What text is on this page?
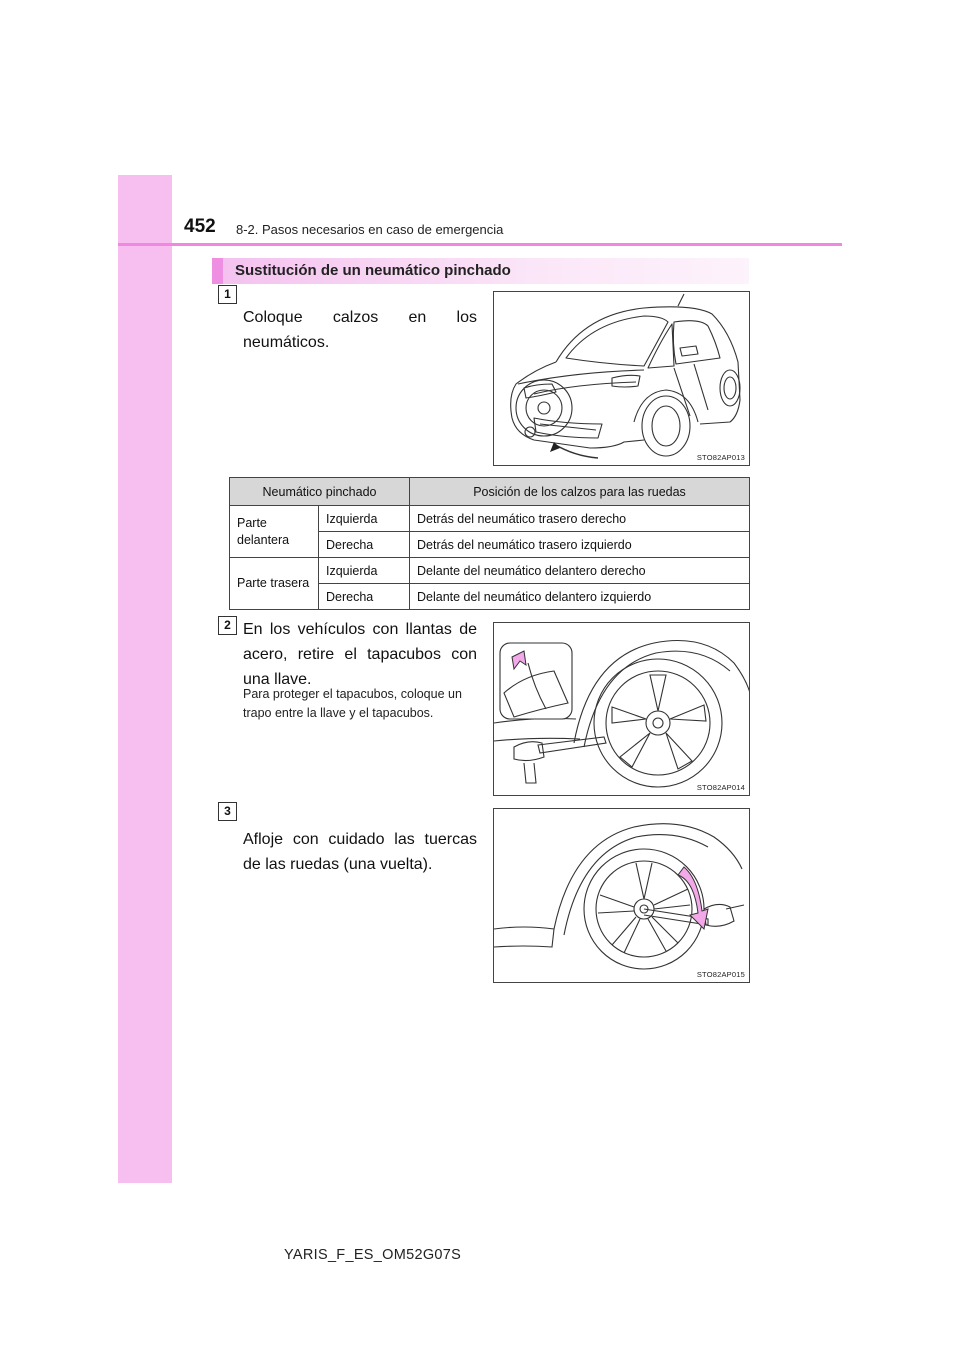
452 8-2. Pasos necesarios en caso de emergencia
Sustitución de un neumático pinchado
1
Coloque calzos en los neumáticos.
STO82AP013
Neumático pinchado		Posición de los calzos para las ruedas
Parte delantera	Izquierda	Detrás del neumático trasero derecho
	Derecha	Detrás del neumático trasero izquierdo
Parte trasera	Izquierda	Delante del neumático delantero derecho
	Derecha	Delante del neumático delantero izquierdo
2 En los vehículos con llantas de acero, retire el tapacubos con una llave.
Para proteger el tapacubos, coloque un trapo entre la llave y el tapacubos.
STO82AP014
3
Afloje con cuidado las tuercas de las ruedas (una vuelta).
STO82AP015
YARIS_F_ES_OM52G07S
